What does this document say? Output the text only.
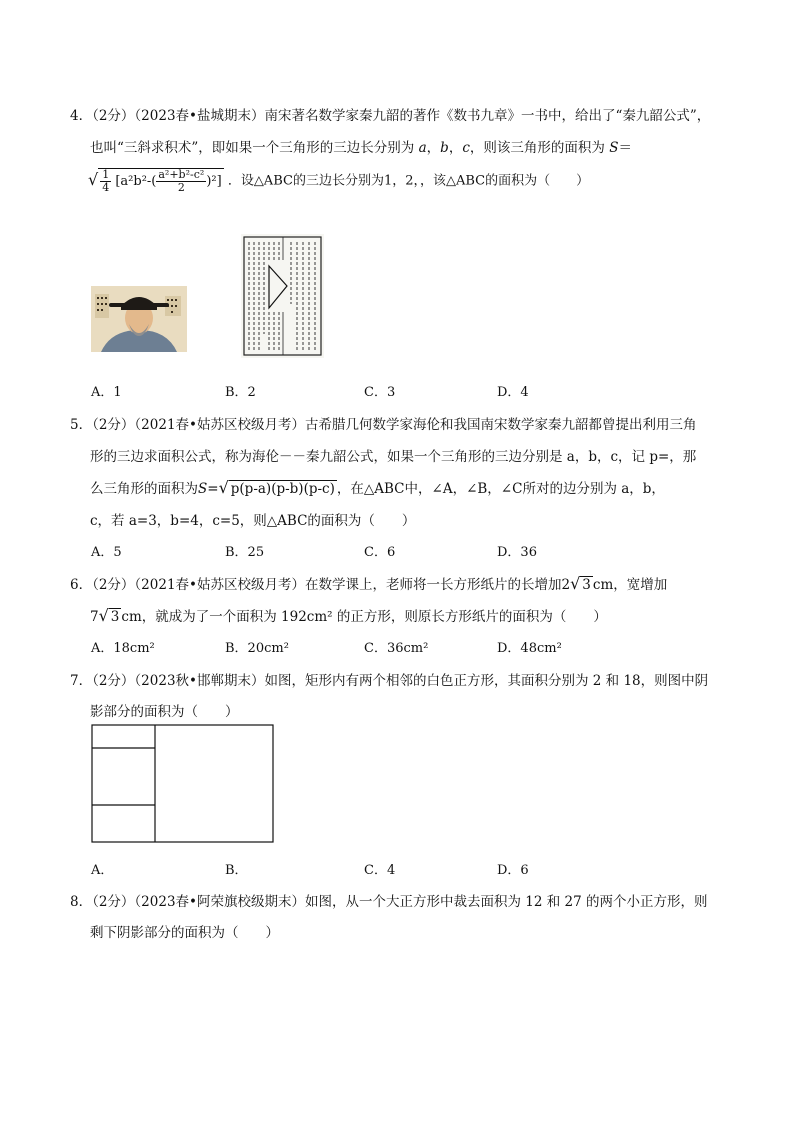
4．（2分）（2023春•盐城期末）南宋著名数学家秦九韶的著作《数书九章》一书中，给出了“秦九韶公式”，
也叫“三斜求积术”，即如果一个三角形的三边长分别为 a，b，c，则该三角形的面积为 S＝
√ $\frac{1}{4} [a^2b^2-( \frac{\text{a²+b²-c²}}{2} )^2]$ ．设△ABC的三边长分别为1，2，，该△ABC的面积为（　　）
A．1	B．2	C．3	D．4
5．（2分）（2021春•姑苏区校级月考）古希腊几何数学家海伦和我国南宋数学家秦九韶都曾提出利用三角
形的三边求面积公式，称为海伦－－秦九韶公式，如果一个三角形的三边分别是 a，b，c，记 p=，那
么三角形的面积为S=√ p(p-a)(p-b)(p-c) ，在△ABC中，∠A，∠B，∠C所对的边分别为 a，b，
c，若 a=3，b=4，c=5，则△ABC的面积为（　　）
A．5	B．25	C．6	D．36
6．（2分）（2021春•姑苏区校级月考）在数学课上，老师将一长方形纸片的长增加2√ 3 cm，宽增加
7√ 3 cm，就成为了一个面积为 192cm² 的正方形，则原长方形纸片的面积为（　　）
A．18cm²	B．20cm²	C．36cm²	D．48cm²
7．（2分）（2023秋•邯郸期末）如图，矩形内有两个相邻的白色正方形，其面积分别为 2 和 18，则图中阴
影部分的面积为（　　）
A．	B．	C．4	D．6
8．（2分）（2023春•阿荣旗校级期末）如图，从一个大正方形中裁去面积为 12 和 27 的两个小正方形，则
剩下阴影部分的面积为（　　）
